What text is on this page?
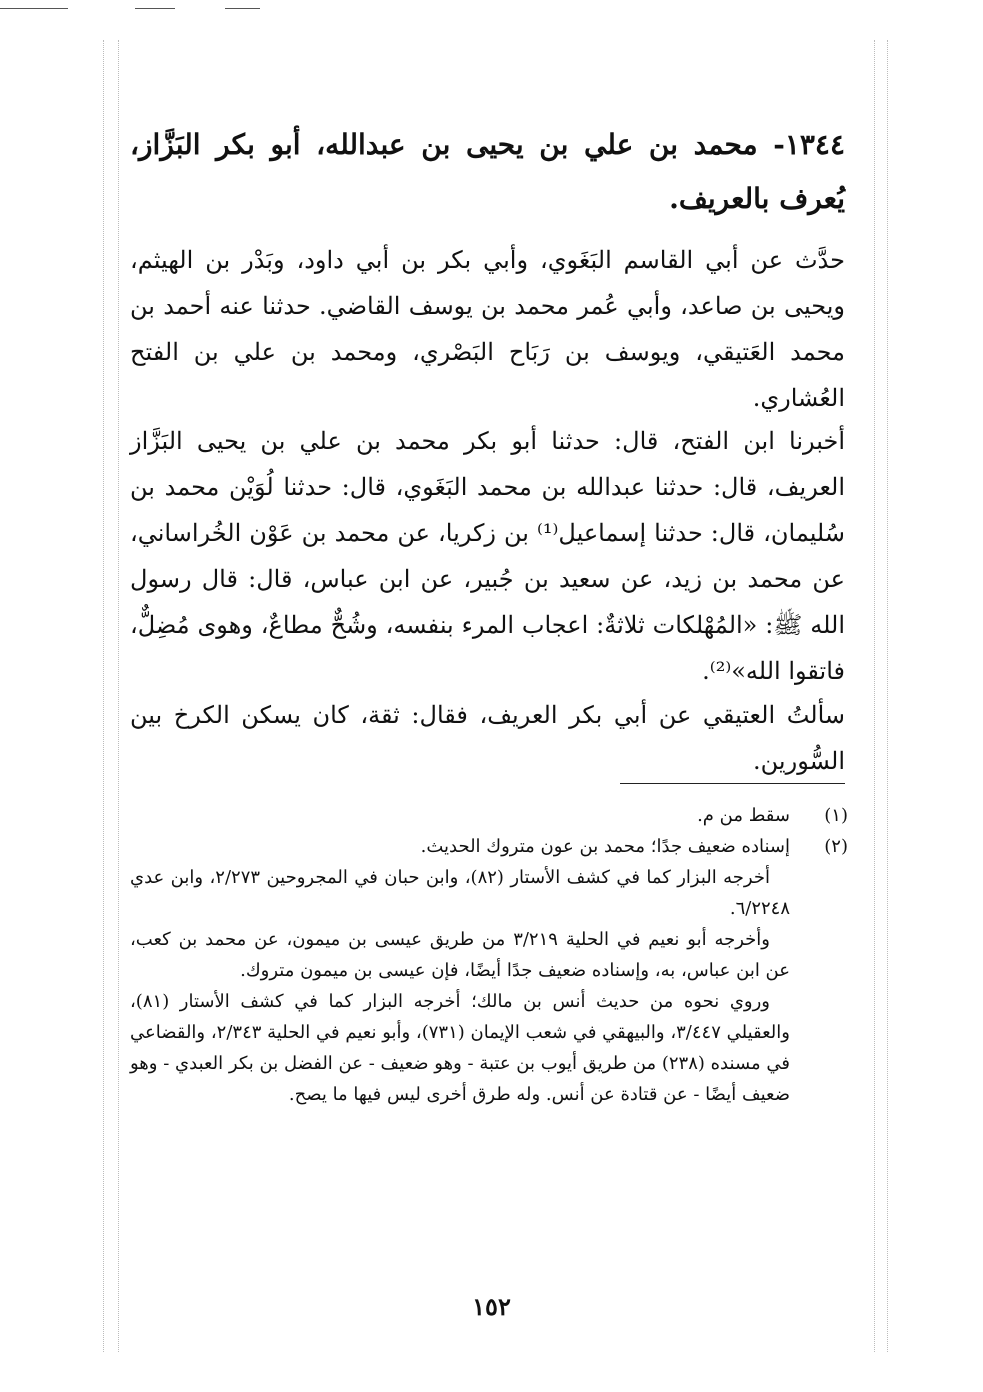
١٣٤٤- محمد بن علي بن يحيى بن عبدالله، أبو بكر البَزَّاز، يُعرف بالعريف.

حدَّث عن أبي القاسم البَغَوي، وأبي بكر بن أبي داود، وبَدْر بن الهيثم، ويحيى بن صاعد، وأبي عُمر محمد بن يوسف القاضي. حدثنا عنه أحمد بن محمد العَتيقي، ويوسف بن رَبَاح البَصْري، ومحمد بن علي بن الفتح العُشاري.

أخبرنا ابن الفتح، قال: حدثنا أبو بكر محمد بن علي بن يحيى البَزَّاز العريف، قال: حدثنا عبدالله بن محمد البَغَوي، قال: حدثنا لُوَيْن محمد بن سُليمان، قال: حدثنا إسماعيل⁽¹⁾ بن زكريا، عن محمد بن عَوْن الخُراساني، عن محمد بن زيد، عن سعيد بن جُبير، عن ابن عباس، قال: قال رسول الله ﷺ: «المُهْلكات ثلاثةٌ: اعجاب المرء بنفسه، وشُحٌّ مطاعٌ، وهوى مُضِلٌّ، فاتقوا الله»⁽²⁾.

سألتُ العتيقي عن أبي بكر العريف، فقال: ثقة، كان يسكن الكرخ بين السُّورين.

(١)
سقط من م.
(٢)
إسناده ضعيف جدًا؛ محمد بن عون متروك الحديث.
أخرجه البزار كما في كشف الأستار (٨٢)، وابن حبان في المجروحين ٢/٢٧٣، وابن عدي ٦/٢٢٤٨.
وأخرجه أبو نعيم في الحلية ٣/٢١٩ من طريق عيسى بن ميمون، عن محمد بن كعب، عن ابن عباس، به، وإسناده ضعيف جدًا أيضًا، فإن عيسى بن ميمون متروك.
وروي نحوه من حديث أنس بن مالك؛ أخرجه البزار كما في كشف الأستار (٨١)، والعقيلي ٣/٤٤٧، والبيهقي في شعب الإيمان (٧٣١)، وأبو نعيم في الحلية ٢/٣٤٣، والقضاعي في مسنده (٢٣٨) من طريق أيوب بن عتبة - وهو ضعيف - عن الفضل بن بكر العبدي - وهو ضعيف أيضًا - عن قتادة عن أنس. وله طرق أخرى ليس فيها ما يصح.
١٥٢
